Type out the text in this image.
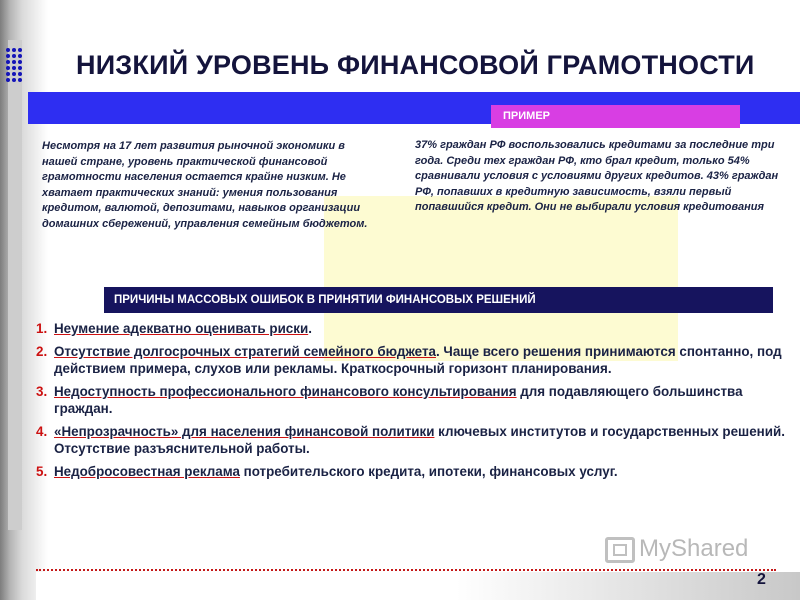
НИЗКИЙ УРОВЕНЬ ФИНАНСОВОЙ ГРАМОТНОСТИ
ПРИМЕР
Несмотря на 17 лет развития рыночной экономики в нашей стране, уровень практической финансовой грамотности населения остается крайне низким. Не хватает практических знаний: умения пользования кредитом, валютой, депозитами, навыков организации домашних сбережений, управления семейным бюджетом.
37% граждан РФ воспользовались кредитами за последние три года. Среди тех граждан РФ, кто брал кредит, только 54% сравнивали условия с условиями других кредитов. 43% граждан РФ, попавших в кредитную зависимость, взяли первый попавшийся кредит. Они не выбирали условия кредитования
ПРИЧИНЫ МАССОВЫХ ОШИБОК В ПРИНЯТИИ ФИНАНСОВЫХ РЕШЕНИЙ
1. Неумение адекватно оценивать риски.
2. Отсутствие долгосрочных стратегий семейного бюджета. Чаще всего решения принимаются спонтанно, под действием примера, слухов или рекламы. Краткосрочный горизонт планирования.
3. Недоступность профессионального финансового консультирования для подавляющего большинства граждан.
4. «Непрозрачность» для населения финансовой политики ключевых институтов и государственных решений. Отсутствие разъяснительной работы.
5. Недобросовестная реклама потребительского кредита, ипотеки, финансовых услуг.
MyShared
2
